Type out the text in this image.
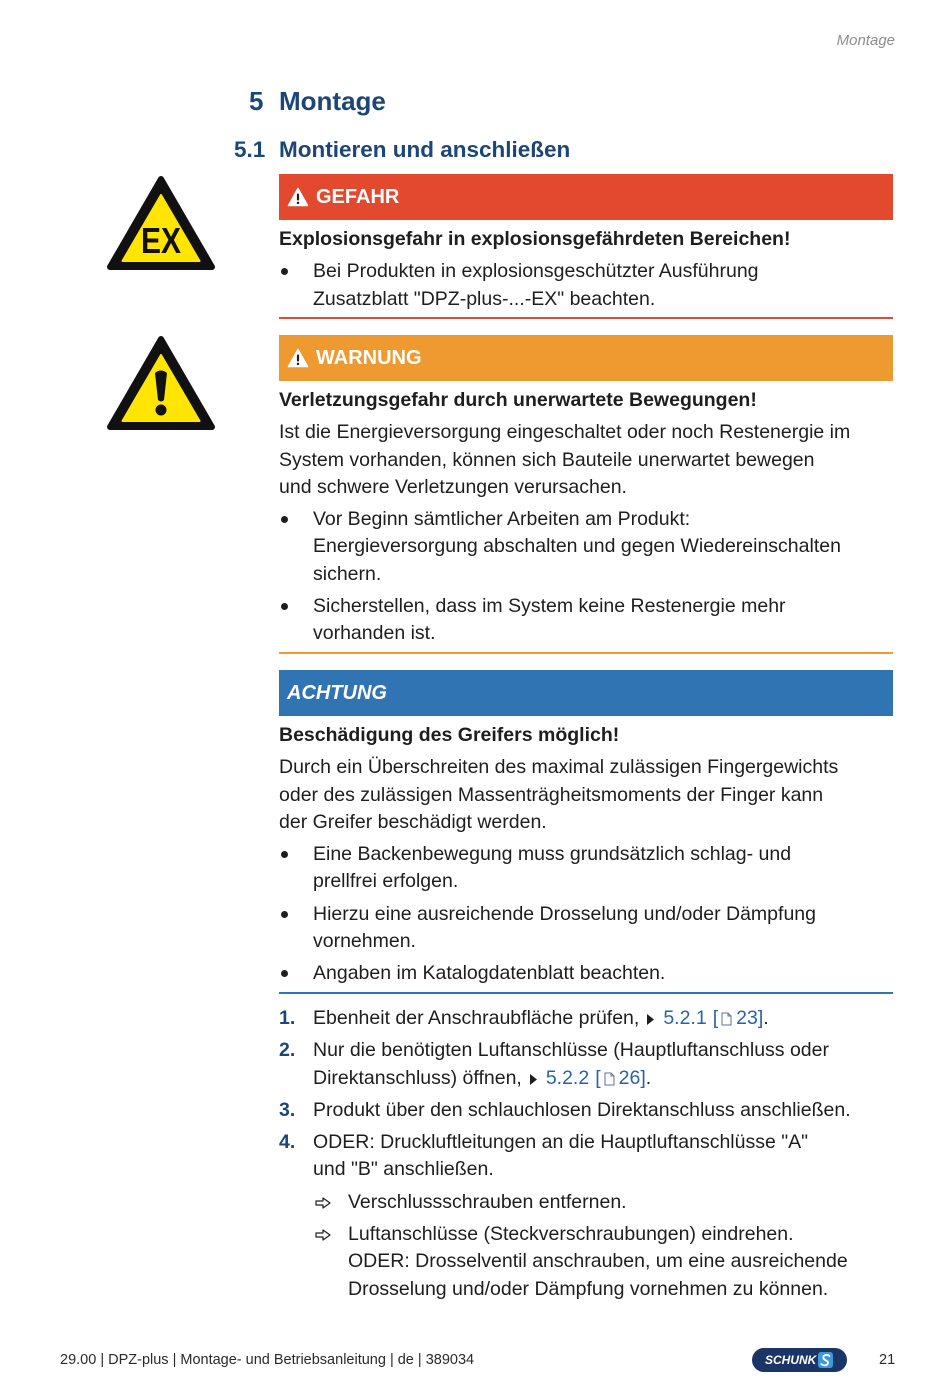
Montage
5 Montage
5.1 Montieren und anschließen
EX
GEFAHR
Explosionsgefahr in explosionsgefährdeten Bereichen!
Bei Produkten in explosionsgeschützter Ausführung
Zusatzblatt "DPZ-plus-...-EX" beachten.
WARNUNG
Verletzungsgefahr durch unerwartete Bewegungen!
Ist die Energieversorgung eingeschaltet oder noch Restenergie im
System vorhanden, können sich Bauteile unerwartet bewegen
und schwere Verletzungen verursachen.
Vor Beginn sämtlicher Arbeiten am Produkt:
Energieversorgung abschalten und gegen Wiedereinschalten
sichern.
Sicherstellen, dass im System keine Restenergie mehr
vorhanden ist.
ACHTUNG
Beschädigung des Greifers möglich!
Durch ein Überschreiten des maximal zulässigen Fingergewichts
oder des zulässigen Massenträgheitsmoments der Finger kann
der Greifer beschädigt werden.
Eine Backenbewegung muss grundsätzlich schlag- und
prellfrei erfolgen.
Hierzu eine ausreichende Drosselung und/oder Dämpfung
vornehmen.
Angaben im Katalogdatenblatt beachten.
1. Ebenheit der Anschraubfläche prüfen, 5.2.1 [ 23].
2. Nur die benötigten Luftanschlüsse (Hauptluftanschluss oder
Direktanschluss) öffnen, 5.2.2 [ 26].
3. Produkt über den schlauchlosen Direktanschluss anschließen.
4. ODER: Druckluftleitungen an die Hauptluftanschlüsse "A"
und "B" anschließen.
Verschlussschrauben entfernen.
Luftanschlüsse (Steckverschraubungen) eindrehen.
ODER: Drosselventil anschrauben, um eine ausreichende
Drosselung und/oder Dämpfung vornehmen zu können.
29.00 | DPZ-plus | Montage- und Betriebsanleitung | de | 389034	SCHUNK	21
